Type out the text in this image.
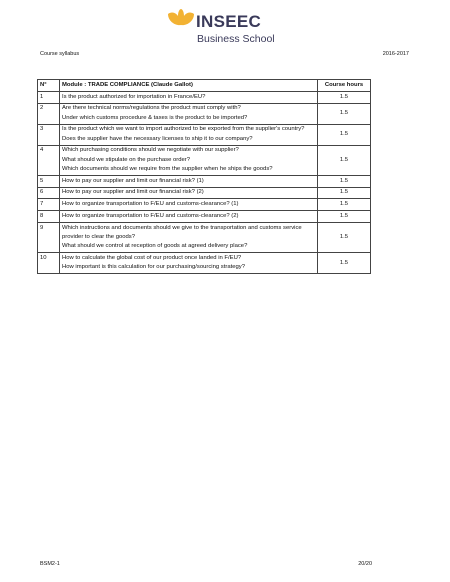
INSEEC
Business School
Course syllabus	2016-2017
N°	Module : TRADE COMPLIANCE (Claude Gallot)	Course hours
1	Is the product authorized for importation in France/EU?	1.5
2	Are there technical norms/regulations the product must comply with?
Under which customs procedure & taxes is the product to be imported?	1.5
3	Is the product which we want to import authorized to be exported from the supplier's country?
Does the supplier have the necessary licenses to ship it to our company?	1.5
4	Which purchasing conditions should we negotiate with our supplier?
What should we stipulate on the purchase order?
Which documents should we require from the supplier when he ships the goods?	1.5
5	How to pay our supplier and limit our financial risk? (1)	1.5
6	How to pay our supplier and limit our financial risk? (2)	1.5
7	How to organize transportation to F/EU and customs-clearance? (1)	1.5
8	How to organize transportation to F/EU and customs-clearance? (2)	1.5
9	Which instructions and documents should we give to the transportation and customs service provider to clear the goods?
What should we control at reception of goods at agreed delivery place?	1.5
10	How to calculate the global cost of our product once landed in F/EU?
How important is this calculation for our purchasing/sourcing strategy?	1.5
BSM2-1	20/20
